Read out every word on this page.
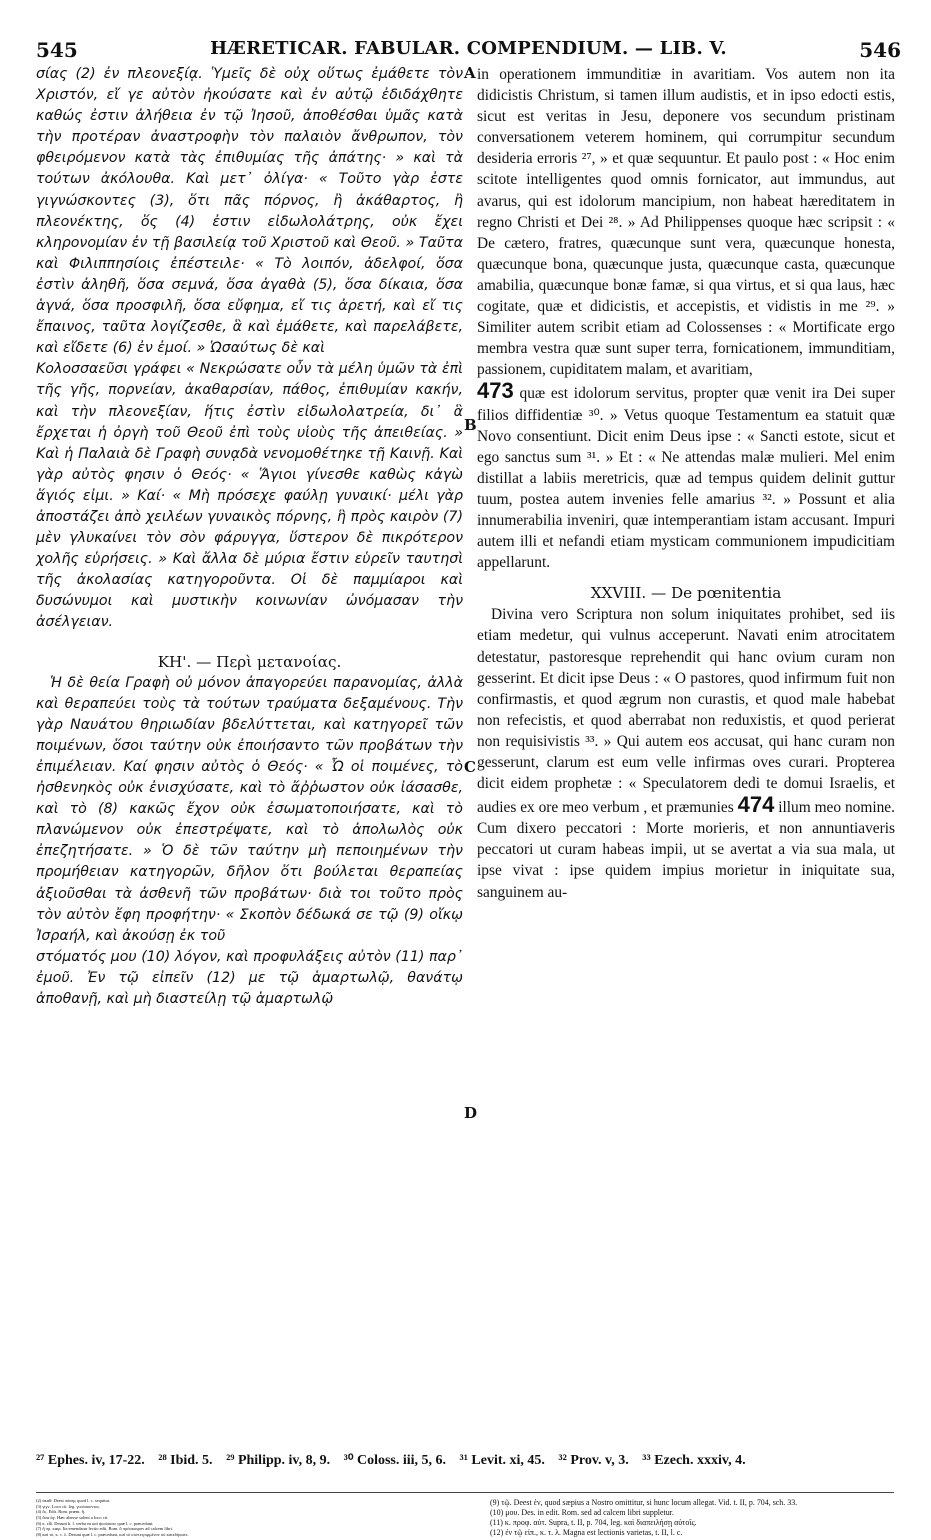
545	HÆRETICAR. FABULAR. COMPENDIUM. — LIB. V.	546

σίας (2) ἐν πλεονεξίᾳ. Ὑμεῖς δὲ οὐχ οὕτως ἐμάθετε τὸν Χριστόν, εἴ γε αὐτὸν ἠκούσατε καὶ ἐν αὐτῷ ἐδιδάχθητε καθώς ἐστιν ἀλήθεια ἐν τῷ Ἰησοῦ, ἀποθέσθαι ὑμᾶς κατὰ τὴν προτέραν ἀναστροφὴν τὸν παλαιὸν ἄνθρωπον, τὸν φθειρόμενον κατὰ τὰς ἐπιθυμίας τῆς ἀπάτης· » καὶ τὰ τούτων ἀκόλουθα. Καὶ μετ᾽ ὀλίγα· « Τοῦτο γὰρ ἐστε γιγνώσκοντες (3), ὅτι πᾶς πόρνος, ἢ ἀκάθαρτος, ἢ πλεονέκτης, ὅς (4) ἐστιν εἰδωλολάτρης, οὐκ ἔχει κληρονομίαν ἐν τῇ βασιλείᾳ τοῦ Χριστοῦ καὶ Θεοῦ. » Ταῦτα καὶ Φιλιππησίοις ἐπέστειλε· « Τὸ λοιπόν, ἀδελφοί, ὅσα ἐστὶν ἀληθῆ, ὅσα σεμνά, ὅσα ἀγαθὰ (5), ὅσα δίκαια, ὅσα ἁγνά, ὅσα προσφιλῆ, ὅσα εὔφημα, εἴ τις ἀρετή, καὶ εἴ τις ἔπαινος, ταῦτα λογίζεσθε, ἃ καὶ ἐμάθετε, καὶ παρελάβετε, καὶ εἴδετε (6) ἐν ἐμοί. » Ὡσαύτως δὲ καὶ

Κολοσσαεῦσι γράφει « Νεκρώσατε οὖν τὰ μέλη ὑμῶν τὰ ἐπὶ τῆς γῆς, πορνείαν, ἀκαθαρσίαν, πάθος, ἐπιθυμίαν κακήν, καὶ τὴν πλεονεξίαν, ἥτις ἐστὶν εἰδωλολατρεία, δι᾽ ἃ ἔρχεται ἡ ὀργὴ τοῦ Θεοῦ ἐπὶ τοὺς υἱοὺς τῆς ἀπειθείας. » Καὶ ἡ Παλαιὰ δὲ Γραφὴ συνᾳδὰ νενομοθέτηκε τῇ Καινῇ. Καὶ γὰρ αὐτὸς φησιν ὁ Θεός· « Ἅγιοι γίνεσθε καθὼς κἀγὼ ἅγιός εἰμι. » Καί· « Μὴ πρόσεχε φαύλῃ γυναικί· μέλι γὰρ ἀποστάζει ἀπὸ χειλέων γυναικὸς πόρνης, ἣ πρὸς καιρὸν (7) μὲν γλυκαίνει τὸν σὸν φάρυγγα, ὕστερον δὲ πικρότερον χολῆς εὑρήσεις. » Καὶ ἄλλα δὲ μύρια ἔστιν εὑρεῖν ταυτησὶ τῆς ἀκολασίας κατηγοροῦντα. Οἱ δὲ παμμίαροι καὶ δυσώνυμοι καὶ μυστικὴν κοινωνίαν ὠνόμασαν τὴν ἀσέλγειαν.

ΚΗ'. — Περὶ μετανοίας.

Ἡ δὲ θεία Γραφὴ οὐ μόνον ἀπαγορεύει παρανομίας, ἀλλὰ καὶ θεραπεύει τοὺς τὰ τούτων τραύματα δεξαμένους. Τὴν γὰρ Ναυάτου θηριωδίαν βδελύττεται, καὶ κατηγορεῖ τῶν ποιμένων, ὅσοι ταύτην οὐκ ἐποιήσαντο τῶν προβάτων τὴν ἐπιμέλειαν. Καί φησιν αὐτὸς ὁ Θεός· « Ὦ οἱ ποιμένες, τὸ ἠσθενηκὸς οὐκ ἐνισχύσατε, καὶ τὸ ἄῤῥωστον οὐκ ἰάσασθε, καὶ τὸ (8) κακῶς ἔχον οὐκ ἐσωματοποιήσατε, καὶ τὸ πλανώμενον οὐκ ἐπεστρέψατε, καὶ τὸ ἀπολωλὸς οὐκ ἐπεζητήσατε. » Ὁ δὲ τῶν ταύτην μὴ πεποιημένων τὴν προμήθειαν κατηγορῶν, δῆλον ὅτι βούλεται θεραπείας ἀξιοῦσθαι τὰ ἀσθενῆ τῶν προβάτων· διὰ τοι τοῦτο πρὸς τὸν αὐτὸν ἔφη προφήτην· « Σκοπὸν δέδωκά σε τῷ (9) οἴκῳ Ἰσραήλ, καὶ ἀκούσῃ ἐκ τοῦ

στόματός μου (10) λόγον, καὶ προφυλάξεις αὐτὸν (11) παρ᾽ ἐμοῦ. Ἐν τῷ εἰπεῖν (12) με τῷ ἁμαρτωλῷ, θανάτῳ ἀποθανῇ, καὶ μὴ διαστείλῃ τῷ ἁμαρτωλῷ

A
B
C
D

in operationem immunditiæ in avaritiam. Vos autem non ita didicistis Christum, si tamen illum audistis, et in ipso edocti estis, sicut est veritas in Jesu, deponere vos secundum pristinam conversationem veterem hominem, qui corrumpitur secundum desideria erroris ²⁷, » et quæ sequuntur. Et paulo post : « Hoc enim scitote intelligentes quod omnis fornicator, aut immundus, aut avarus, qui est idolorum mancipium, non habeat hæreditatem in regno Christi et Dei ²⁸. » Ad Philippenses quoque hæc scripsit : « De cætero, fratres, quæcunque sunt vera, quæcunque honesta, quæcunque bona, quæcunque justa, quæcunque casta, quæcunque amabilia, quæcunque bonæ famæ, si qua virtus, et si qua laus, hæc cogitate, quæ et didicistis, et accepistis, et vidistis in me ²⁹. » Similiter autem scribit etiam ad Colossenses : « Mortificate ergo membra vestra quæ sunt super terra, fornicationem, immunditiam, passionem, cupiditatem malam, et avaritiam,

473 quæ est idolorum servitus, propter quæ venit ira Dei super filios diffidentiæ ³⁰. » Vetus quoque Testamentum ea statuit quæ Novo consentiunt. Dicit enim Deus ipse : « Sancti estote, sicut et ego sanctus sum ³¹. » Et : « Ne attendas malæ mulieri. Mel enim distillat a labiis meretricis, quæ ad tempus quidem delinit guttur tuum, postea autem invenies felle amarius ³². » Possunt et alia innumerabilia inveniri, quæ intemperantiam istam accusant. Impuri autem illi et nefandi etiam mysticam communionem impudicitiam appellarunt.

XXVIII. — De pœnitentia

Divina vero Scriptura non solum iniquitates prohibet, sed iis etiam medetur, qui vulnus acceperunt. Navati enim atrocitatem detestatur, pastoresque reprehendit qui hanc ovium curam non gesserint. Et dicit ipse Deus : « O pastores, quod infirmum fuit non confirmastis, et quod ægrum non curastis, et quod male habebat non refecistis, et quod aberrabat non reduxistis, et quod perierat non requisivistis ³³. » Qui autem eos accusat, qui hanc curam non gesserunt, clarum est eum velle infirmas oves curari. Propterea dicit eidem prophetæ : « Speculatorem dedi te domui Israelis, et audies ex ore meo verbum , et præmunies 474 illum meo nomine. Cum dixero peccatori : Morte morieris, et non annuntiaveris peccatori ut curam habeas impii, ut se avertat a via sua mala, ut ipse vivat : ipse quidem impius morietur in iniquitate sua, sanguinem au-

²⁷ Ephes. iv, 17-22. ²⁸ Ibid. 5. ²⁹ Philipp. iv, 8, 9. ³⁰ Coloss. iii, 5, 6. ³¹ Levit. xi, 45. ³² Prov. v, 3. ³³ Ezech. xxxiv, 4.

(2) ἀκαθ. Deest πάσης quod l. c. sequitur.

(3) γιγν. Loco cit. leg. γινώσκοντος.

(4) ὅς. Edit. Rom. præm. ἤ.

(5) ὅσα ἀγ. Hæc abesse solent a loco cit.

(6) κ. εἶδ. Desunt h. l. verba ea καὶ ἠκούσατε quæ l. c. præcedunt.

(7) ἢ πρ. καιρ. Ita emendatur lectio edit. Rom. ὃ πρόσκαιρον ad calcem libri.

(8) καὶ τὸ, κ. τ. λ. Desunt quæ l. c. præcedunt, καὶ τὸ συντετριμμένον οὐ κατεδήσατε.

(9) τῷ. Deest ἐν, quod sæpius a Nostro omittitur, si hunc locum allegat. Vid. t. II, p. 704, sch. 33.

(10) μου. Des. in edit. Rom. sed ad calcem libri suppletur.

(11) κ. προφ. αὐτ. Supra, t. II, p. 704, leg. καὶ διαπειλήσῃ αὐτοῖς.

(12) ἐν τῷ εἰπ., κ. τ. λ. Magna est lectionis varietas, t. II, l. c.
